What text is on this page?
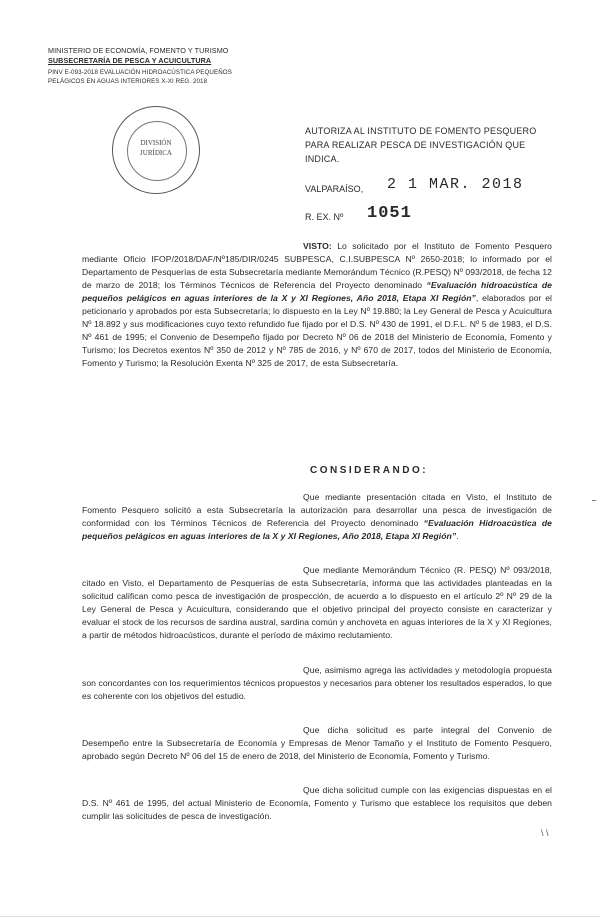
MINISTERIO DE ECONOMÍA, FOMENTO Y TURISMO
SUBSECRETARÍA DE PESCA Y ACUICULTURA
PINV E-093-2018 EVALUACIÓN HIDROACÚSTICA PEQUEÑOS
PELÁGICOS EN AGUAS INTERIORES X-XI REG. 2018
DIVISIÓN
JURÍDICA
AUTORIZA AL INSTITUTO DE FOMENTO PESQUERO PARA REALIZAR PESCA DE INVESTIGACIÓN QUE INDICA.
VALPARAÍSO, 2 1 MAR. 2018
R. EX. Nº 1051
VISTO: Lo solicitado por el Instituto de Fomento Pesquero mediante Oficio IFOP/2018/DAF/Nº185/DIR/0245 SUBPESCA, C.I.SUBPESCA Nº 2650-2018; lo informado por el Departamento de Pesquerías de esta Subsecretaría mediante Memorándum Técnico (R.PESQ) Nº 093/2018, de fecha 12 de marzo de 2018; los Términos Técnicos de Referencia del Proyecto denominado “Evaluación hidroacústica de pequeños pelágicos en aguas interiores de la X y XI Regiones, Año 2018, Etapa XI Región”, elaborados por el peticionario y aprobados por esta Subsecretaría; lo dispuesto en la Ley Nº 19.880; la Ley General de Pesca y Acuicultura Nº 18.892 y sus modificaciones cuyo texto refundido fue fijado por el D.S. Nº 430 de 1991, el D.F.L. Nº 5 de 1983, el D.S. Nº 461 de 1995; el Convenio de Desempeño fijado por Decreto Nº 06 de 2018 del Ministerio de Economía, Fomento y Turismo; los Decretos exentos Nº 350 de 2012 y Nº 785 de 2016, y Nº 670 de 2017, todos del Ministerio de Economía, Fomento y Turismo; la Resolución Exenta Nº 325 de 2017, de esta Subsecretaría.
CONSIDERANDO:
Que mediante presentación citada en Visto, el Instituto de Fomento Pesquero solicitó a esta Subsecretaría la autorización para desarrollar una pesca de investigación de conformidad con los Términos Técnicos de Referencia del Proyecto denominado “Evaluación Hidroacústica de pequeños pelágicos en aguas interiores de la X y XI Regiones, Año 2018, Etapa XI Región”.
Que mediante Memorándum Técnico (R. PESQ) Nº 093/2018, citado en Visto, el Departamento de Pesquerías de esta Subsecretaría, informa que las actividades planteadas en la solicitud califican como pesca de investigación de prospección, de acuerdo a lo dispuesto en el artículo 2º Nº 29 de la Ley General de Pesca y Acuicultura, considerando que el objetivo principal del proyecto consiste en caracterizar y evaluar el stock de los recursos de sardina austral, sardina común y anchoveta en aguas interiores de la X y XI Regiones, a partir de métodos hidroacústicos, durante el período de máximo reclutamiento.
Que, asimismo agrega las actividades y metodología propuesta son concordantes con los requerimientos técnicos propuestos y necesarios para obtener los resultados esperados, lo que es coherente con los objetivos del estudio.
Que dicha solicitud es parte integral del Convenio de Desempeño entre la Subsecretaría de Economía y Empresas de Menor Tamaño y el Instituto de Fomento Pesquero, aprobado según Decreto Nº 06 del 15 de enero de 2018, del Ministerio de Economía, Fomento y Turismo.
Que dicha solicitud cumple con las exigencias dispuestas en el D.S. Nº 461 de 1995, del actual Ministerio de Economía, Fomento y Turismo que establece los requisitos que deben cumplir las solicitudes de pesca de investigación.
\ \
